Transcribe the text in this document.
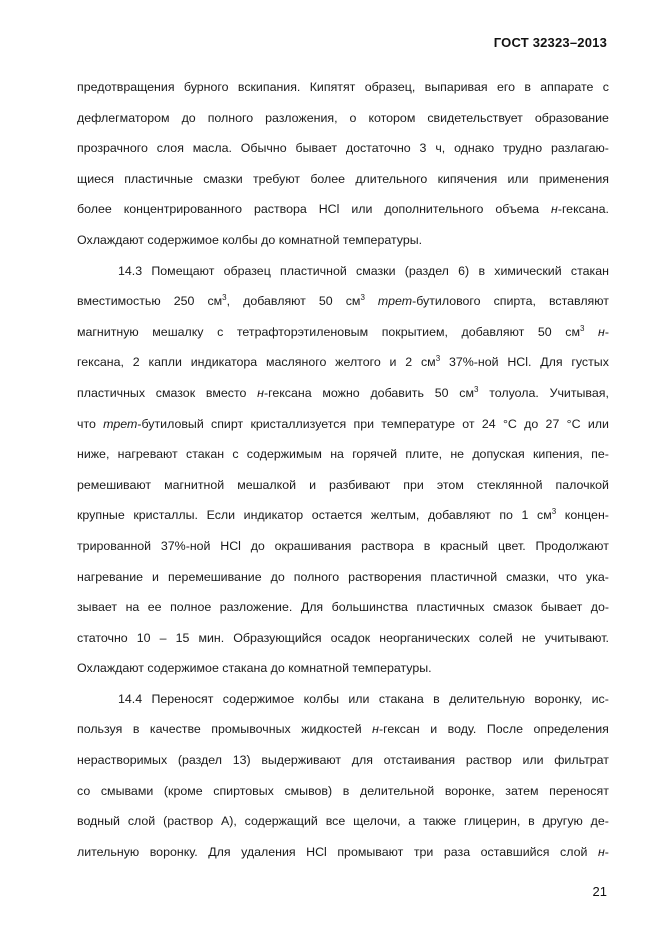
ГОСТ 32323–2013
предотвращения бурного вскипания. Кипятят образец, выпаривая его в аппарате с
дефлегматором до полного разложения, о котором свидетельствует образование
прозрачного слоя масла. Обычно бывает достаточно 3 ч, однако трудно разлагаю-
щиеся пластичные смазки требуют более длительного кипячения или применения
более концентрированного раствора HCl или дополнительного объема н-гексана.
Охлаждают содержимое колбы до комнатной температуры.
14.3 Помещают образец пластичной смазки (раздел 6) в химический стакан
вместимостью 250 $см^3$, добавляют 50 $см^3$ трет-бутилового спирта, вставляют
магнитную мешалку с тетрафторэтиленовым покрытием, добавляют 50 $см^3$ н-
гексана, 2 капли индикатора масляного желтого и 2 $см^3$ 37%-ной HCl. Для густых
пластичных смазок вместо н-гексана можно добавить 50 $см^3$ толуола. Учитывая,
что трет-бутиловый спирт кристаллизуется при температуре от 24 °С до 27 °С или
ниже, нагревают стакан с содержимым на горячей плите, не допуская кипения, пе-
ремешивают магнитной мешалкой и разбивают при этом стеклянной палочкой
крупные кристаллы. Если индикатор остается желтым, добавляют по 1 $см^3$ концен-
трированной 37%-ной HCl до окрашивания раствора в красный цвет. Продолжают
нагревание и перемешивание до полного растворения пластичной смазки, что ука-
зывает на ее полное разложение. Для большинства пластичных смазок бывает до-
статочно 10 – 15 мин. Образующийся осадок неорганических солей не учитывают.
Охлаждают содержимое стакана до комнатной температуры.
14.4 Переносят содержимое колбы или стакана в делительную воронку, ис-
пользуя в качестве промывочных жидкостей н-гексан и воду. После определения
нерастворимых (раздел 13) выдерживают для отстаивания раствор или фильтрат
со смывами (кроме спиртовых смывов) в делительной воронке, затем переносят
водный слой (раствор А), содержащий все щелочи, а также глицерин, в другую де-
лительную воронку. Для удаления HCl промывают три раза оставшийся слой н-
21
